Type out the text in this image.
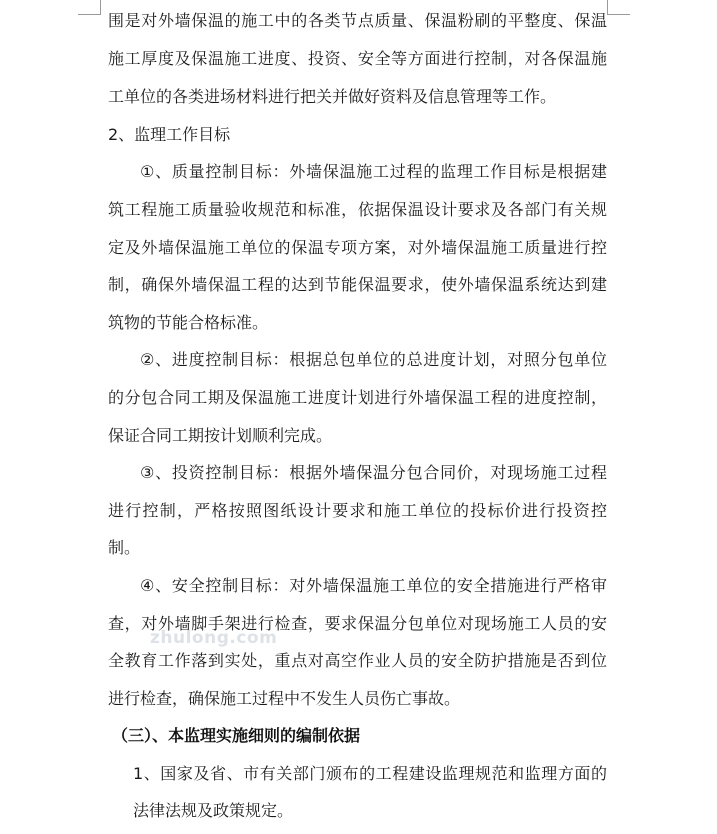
围是对外墙保温的施工中的各类节点质量、保温粉刷的平整度、保温
施工厚度及保温施工进度、投资、安全等方面进行控制，对各保温施
工单位的各类进场材料进行把关并做好资料及信息管理等工作。
2、监理工作目标
①、质量控制目标：外墙保温施工过程的监理工作目标是根据建
筑工程施工质量验收规范和标准，依据保温设计要求及各部门有关规
定及外墙保温施工单位的保温专项方案，对外墙保温施工质量进行控
制，确保外墙保温工程的达到节能保温要求，使外墙保温系统达到建
筑物的节能合格标准。
②、进度控制目标：根据总包单位的总进度计划，对照分包单位
的分包合同工期及保温施工进度计划进行外墙保温工程的进度控制，
保证合同工期按计划顺利完成。
③、投资控制目标：根据外墙保温分包合同价，对现场施工过程
进行控制，严格按照图纸设计要求和施工单位的投标价进行投资控
制。
④、安全控制目标：对外墙保温施工单位的安全措施进行严格审
查，对外墙脚手架进行检查，要求保温分包单位对现场施工人员的安
全教育工作落到实处，重点对高空作业人员的安全防护措施是否到位
进行检查，确保施工过程中不发生人员伤亡事故。
（三）、本监理实施细则的编制依据
1、国家及省、市有关部门颁布的工程建设监理规范和监理方面的
法律法规及政策规定。
zhulong.com
